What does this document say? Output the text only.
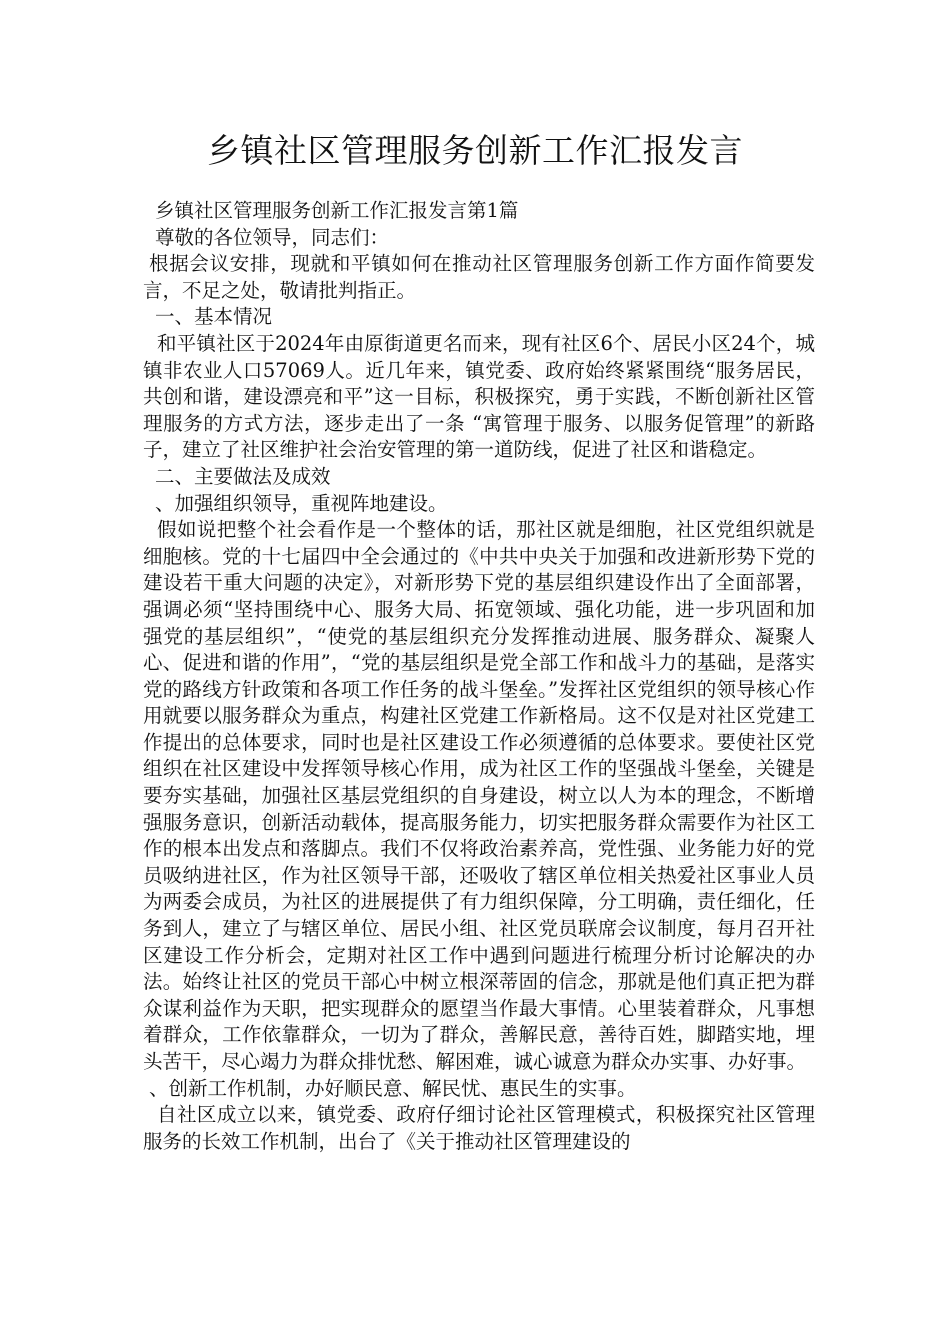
乡镇社区管理服务创新工作汇报发言

乡镇社区管理服务创新工作汇报发言第1篇

尊敬的各位领导，同志们：

根据会议安排，现就和平镇如何在推动社区管理服务创新工作方面作简要发言，不足之处，敬请批判指正。

一、基本情况

和平镇社区于2024年由原街道更名而来，现有社区6个、居民小区24个，城镇非农业人口57069人。近几年来，镇党委、政府始终紧紧围绕“服务居民，共创和谐，建设漂亮和平”这一目标，积极探究，勇于实践，不断创新社区管理服务的方式方法，逐步走出了一条 “寓管理于服务、以服务促管理”的新路子，建立了社区维护社会治安管理的第一道防线，促进了社区和谐稳定。

二、主要做法及成效

、加强组织领导，重视阵地建设。

假如说把整个社会看作是一个整体的话，那社区就是细胞，社区党组织就是细胞核。党的十七届四中全会通过的《中共中央关于加强和改进新形势下党的建设若干重大问题的决定》，对新形势下党的基层组织建设作出了全面部署，强调必须“坚持围绕中心、服务大局、拓宽领域、强化功能，进一步巩固和加强党的基层组织”，“使党的基层组织充分发挥推动进展、服务群众、凝聚人心、促进和谐的作用”，“党的基层组织是党全部工作和战斗力的基础，是落实党的路线方针政策和各项工作任务的战斗堡垒。”发挥社区党组织的领导核心作用就要以服务群众为重点，构建社区党建工作新格局。这不仅是对社区党建工作提出的总体要求，同时也是社区建设工作必须遵循的总体要求。要使社区党组织在社区建设中发挥领导核心作用，成为社区工作的坚强战斗堡垒，关键是要夯实基础，加强社区基层党组织的自身建设，树立以人为本的理念，不断增强服务意识，创新活动载体，提高服务能力，切实把服务群众需要作为社区工作的根本出发点和落脚点。我们不仅将政治素养高，党性强、业务能力好的党员吸纳进社区，作为社区领导干部，还吸收了辖区单位相关热爱社区事业人员为两委会成员，为社区的进展提供了有力组织保障，分工明确，责任细化，任务到人，建立了与辖区单位、居民小组、社区党员联席会议制度，每月召开社区建设工作分析会，定期对社区工作中遇到问题进行梳理分析讨论解决的办法。始终让社区的党员干部心中树立根深蒂固的信念，那就是他们真正把为群众谋利益作为天职，把实现群众的愿望当作最大事情。心里装着群众，凡事想着群众，工作依靠群众，一切为了群众，善解民意，善待百姓，脚踏实地，埋头苦干，尽心竭力为群众排忧愁、解困难，诚心诚意为群众办实事、办好事。

、创新工作机制，办好顺民意、解民忧、惠民生的实事。

自社区成立以来，镇党委、政府仔细讨论社区管理模式，积极探究社区管理服务的长效工作机制，出台了《关于推动社区管理建设的
